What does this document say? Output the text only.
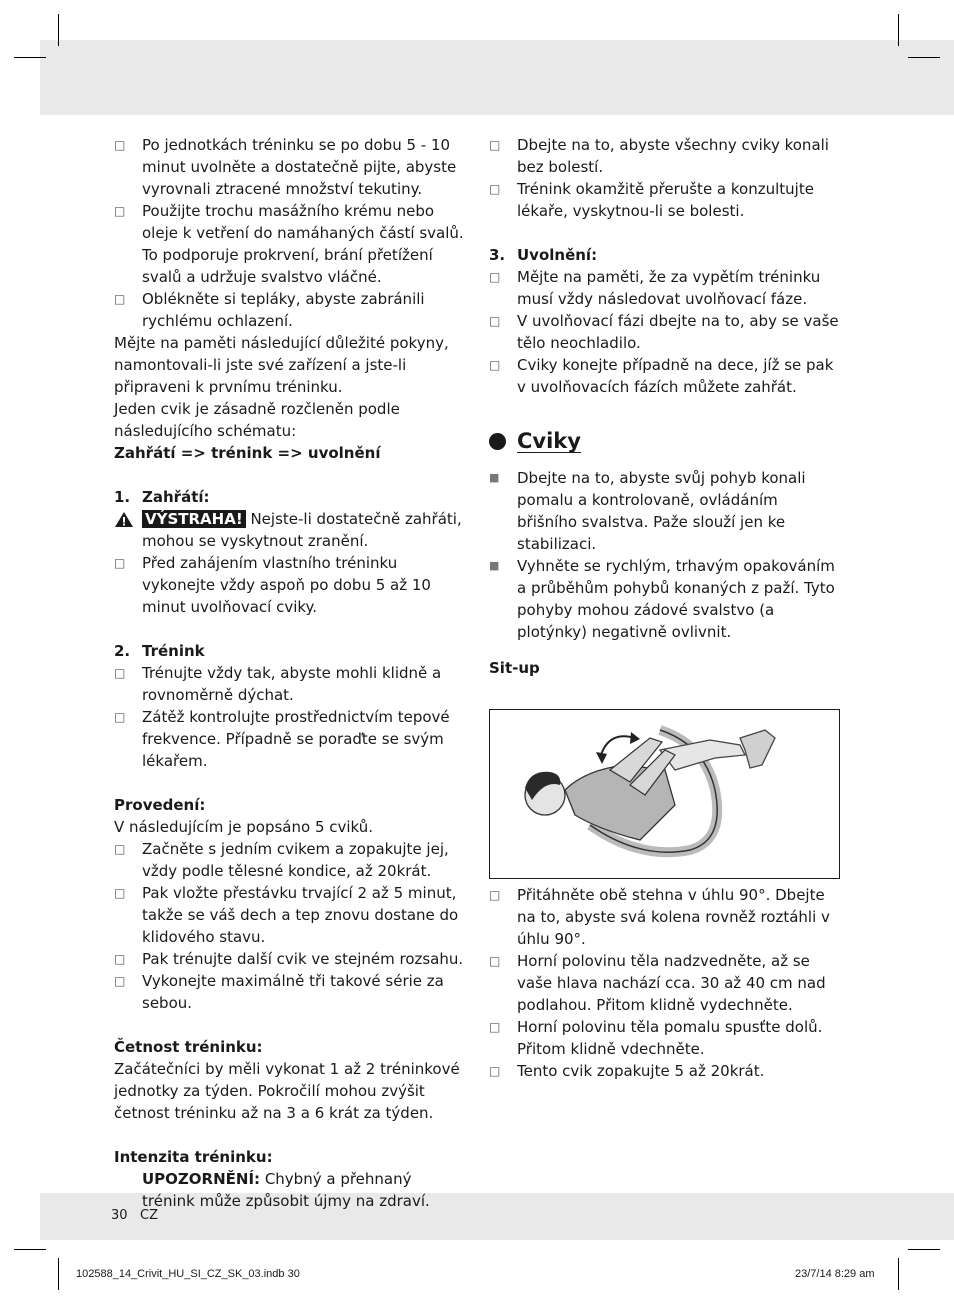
□ Po jednotkách tréninku se po dobu 5 - 10 minut uvolněte a dostatečně pijte, abyste vyrovnali ztracené množství tekutiny.
□ Použijte trochu masážního krému nebo oleje k vetření do namáhaných částí svalů. To podporuje prokrvení, brání přetížení svalů a udržuje svalstvo vláčné.
□ Oblékněte si tepláky, abyste zabránili rychlému ochlazení.
Mějte na paměti následující důležité pokyny, namontovali-li jste své zařízení a jste-li připraveni k prvnímu tréninku.
Jeden cvik je zásadně rozčleněn podle následujícího schématu:
Zahřátí => trénink => uvolnění
1. Zahřátí:
VÝSTRAHA! Nejste-li dostatečně zahřáti, mohou se vyskytnout zranění.
□ Před zahájením vlastního tréninku vykonejte vždy aspoň po dobu 5 až 10 minut uvolňovací cviky.
2. Trénink
□ Trénujte vždy tak, abyste mohli klidně a rovnoměrně dýchat.
□ Zátěž kontrolujte prostřednictvím tepové frekvence. Případně se poraďte se svým lékařem.
Provedení:
V následujícím je popsáno 5 cviků.
□ Začněte s jedním cvikem a zopakujte jej, vždy podle tělesné kondice, až 20krát.
□ Pak vložte přestávku trvající 2 až 5 minut, takže se váš dech a tep znovu dostane do klidového stavu.
□ Pak trénujte další cvik ve stejném rozsahu.
□ Vykonejte maximálně tři takové série za sebou.
Četnost tréninku:
Začátečníci by měli vykonat 1 až 2 tréninkové jednotky za týden. Pokročilí mohou zvýšit četnost tréninku až na 3 a 6 krát za týden.
Intenzita tréninku:
UPOZORNĚNÍ: Chybný a přehnaný trénink může způsobit újmy na zdraví.
□ Dbejte na to, abyste všechny cviky konali bez bolestí.
□ Trénink okamžitě přerušte a konzultujte lékaře, vyskytnou-li se bolesti.
3. Uvolnění:
□ Mějte na paměti, že za vypětím tréninku musí vždy následovat uvolňovací fáze.
□ V uvolňovací fázi dbejte na to, aby se vaše tělo neochladilo.
□ Cviky konejte případně na dece, jíž se pak v uvolňovacích fázích můžete zahřát.
Cviky
■ Dbejte na to, abyste svůj pohyb konali pomalu a kontrolovaně, ovládáním břišního svalstva. Paže slouží jen ke stabilizaci.
■ Vyhněte se rychlým, trhavým opakováním a průběhům pohybů konaných z paží. Tyto pohyby mohou zádové svalstvo (a plotýnky) negativně ovlivnit.
Sit-up
□ Přitáhněte obě stehna v úhlu 90°. Dbejte na to, abyste svá kolena rovněž roztáhli v úhlu 90°.
□ Horní polovinu těla nadzvedněte, až se vaše hlava nachází cca. 30 až 40 cm nad podlahou. Přitom klidně vydechněte.
□ Horní polovinu těla pomalu spusťte dolů. Přitom klidně vdechněte.
□ Tento cvik zopakujte 5 až 20krát.
30 CZ
102588_14_Crivit_HU_SI_CZ_SK_03.indb 30	23/7/14 8:29 am
